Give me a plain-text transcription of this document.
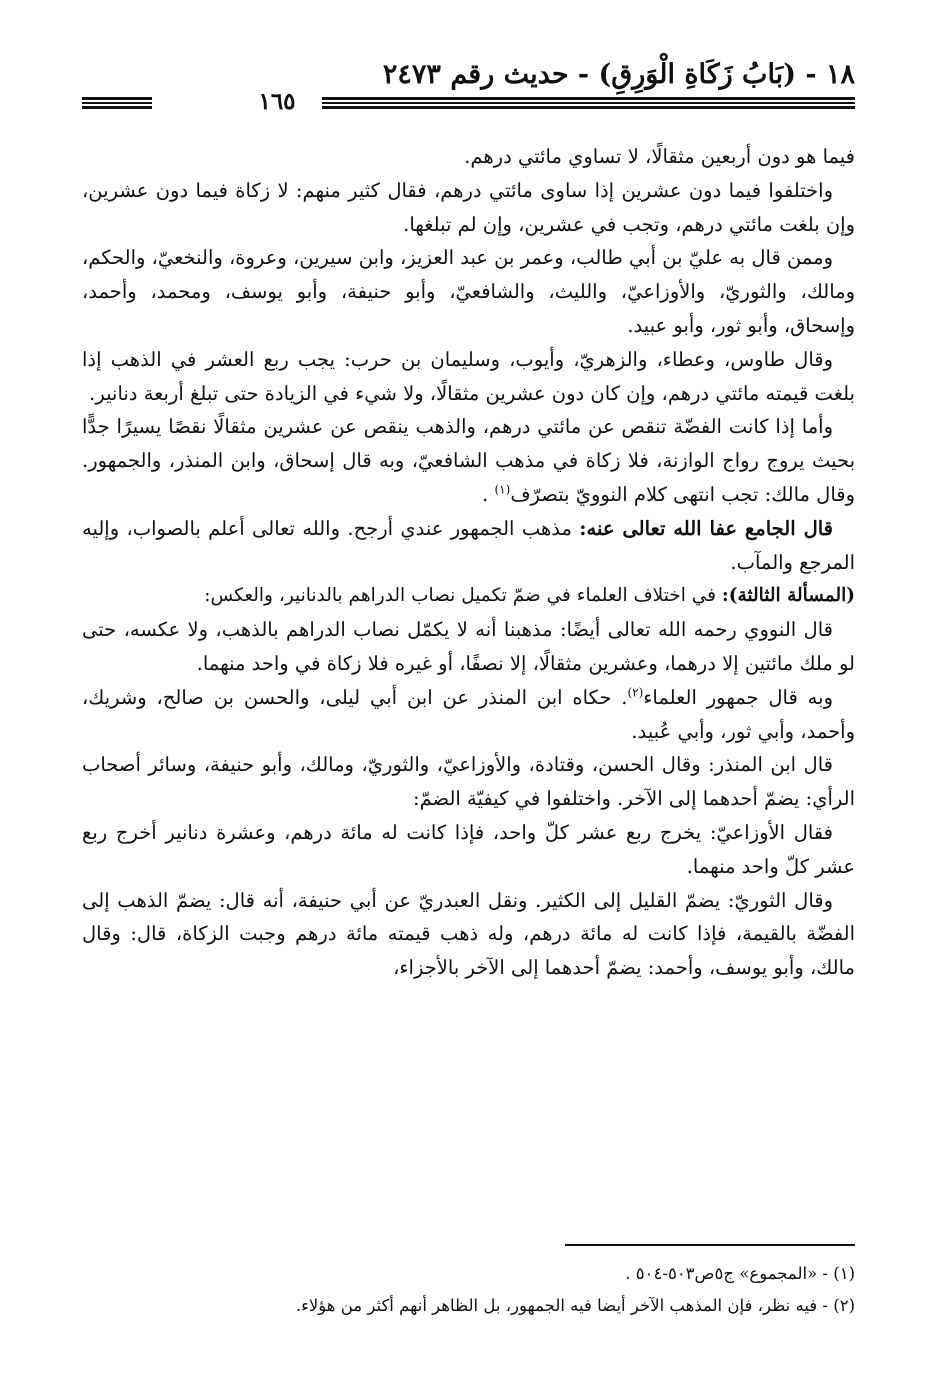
١٨ - (بَابُ زَكَاةِ الْوَرِقِ) - حديث رقم ٢٤٧٣
١٦٥

فيما هو دون أربعين مثقالًا، لا تساوي مائتي درهم.

واختلفوا فيما دون عشرين إذا ساوى مائتي درهم، فقال كثير منهم: لا زكاة فيما دون عشرين، وإن بلغت مائتي درهم، وتجب في عشرين، وإن لم تبلغها.

وممن قال به عليّ بن أبي طالب، وعمر بن عبد العزيز، وابن سيرين، وعروة، والنخعيّ، والحكم، ومالك، والثوريّ، والأوزاعيّ، والليث، والشافعيّ، وأبو حنيفة، وأبو يوسف، ومحمد، وأحمد، وإسحاق، وأبو ثور، وأبو عبيد.

وقال طاوس، وعطاء، والزهريّ، وأيوب، وسليمان بن حرب: يجب ربع العشر في الذهب إذا بلغت قيمته مائتي درهم، وإن كان دون عشرين مثقالًا، ولا شيء في الزيادة حتى تبلغ أربعة دنانير.

وأما إذا كانت الفضّة تنقص عن مائتي درهم، والذهب ينقص عن عشرين مثقالًا نقصًا يسيرًا جدًّا بحيث يروج رواج الوازنة، فلا زكاة في مذهب الشافعيّ، وبه قال إسحاق، وابن المنذر، والجمهور. وقال مالك: تجب انتهى كلام النوويّ بتصرّف$^{(١)}$ .

قال الجامع عفا الله تعالى عنه: مذهب الجمهور عندي أرجح. والله تعالى أعلم بالصواب، وإليه المرجع والمآب.

(المسألة الثالثة): في اختلاف العلماء في ضمّ تكميل نصاب الدراهم بالدنانير، والعكس:

قال النووي رحمه الله تعالى أيضًا: مذهبنا أنه لا يكمّل نصاب الدراهم بالذهب، ولا عكسه، حتى لو ملك مائتين إلا درهما، وعشرين مثقالًا، إلا نصفًا، أو غيره فلا زكاة في واحد منهما.

وبه قال جمهور العلماء$^{(٢)}$. حكاه ابن المنذر عن ابن أبي ليلى، والحسن بن صالح، وشريك، وأحمد، وأبي ثور، وأبي عُبيد.

قال ابن المنذر: وقال الحسن، وقتادة، والأوزاعيّ، والثوريّ، ومالك، وأبو حنيفة، وسائر أصحاب الرأي: يضمّ أحدهما إلى الآخر. واختلفوا في كيفيّة الضمّ:

فقال الأوزاعيّ: يخرج ربع عشر كلّ واحد، فإذا كانت له مائة درهم، وعشرة دنانير أخرج ربع عشر كلّ واحد منهما.

وقال الثوريّ: يضمّ القليل إلى الكثير. ونقل العبدريّ عن أبي حنيفة، أنه قال: يضمّ الذهب إلى الفضّة بالقيمة، فإذا كانت له مائة درهم، وله ذهب قيمته مائة درهم وجبت الزكاة، قال: وقال مالك، وأبو يوسف، وأحمد: يضمّ أحدهما إلى الآخر بالأجزاء،

(١) - «المجموع» ج٥ص٥٠٣-٥٠٤ .

(٢) - فيه نظر، فإن المذهب الآخر أيضا فيه الجمهور، بل الظاهر أنهم أكثر من هؤلاء.
